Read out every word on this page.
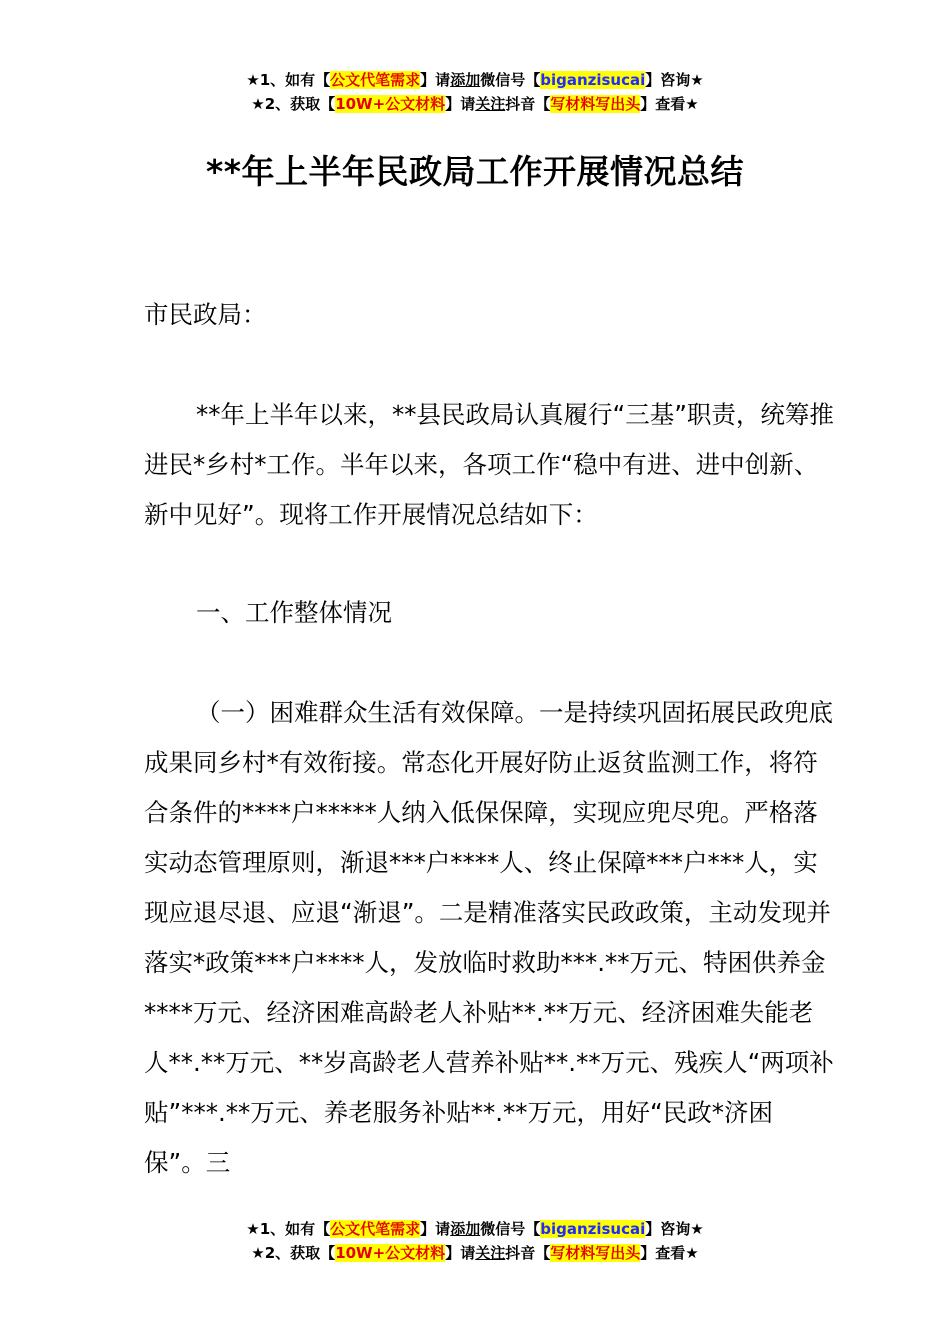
★1、如有【公文代笔需求】请添加微信号【biganzisucai】咨询★
★2、获取【10W+公文材料】请关注抖音【写材料写出头】查看★
**年上半年民政局工作开展情况总结
市民政局：

**年上半年以来，**县民政局认真履行“三基”职责，统筹推进民*乡村*工作。半年以来，各项工作“稳中有进、进中创新、新中见好”。现将工作开展情况总结如下：

一、工作整体情况

（一）困难群众生活有效保障。一是持续巩固拓展民政兜底成果同乡村*有效衔接。常态化开展好防止返贫监测工作，将符合条件的****户*****人纳入低保保障，实现应兜尽兜。严格落实动态管理原则，渐退***户****人、终止保障***户***人，实现应退尽退、应退“渐退”。二是精准落实民政政策，主动发现并落实*政策***户****人，发放临时救助***.**万元、特困供养金****万元、经济困难高龄老人补贴**.**万元、经济困难失能老人**.**万元、**岁高龄老人营养补贴**.**万元、残疾人“两项补贴”***.**万元、养老服务补贴**.**万元，用好“民政*济困保”。三

★1、如有【公文代笔需求】请添加微信号【biganzisucai】咨询★
★2、获取【10W+公文材料】请关注抖音【写材料写出头】查看★
